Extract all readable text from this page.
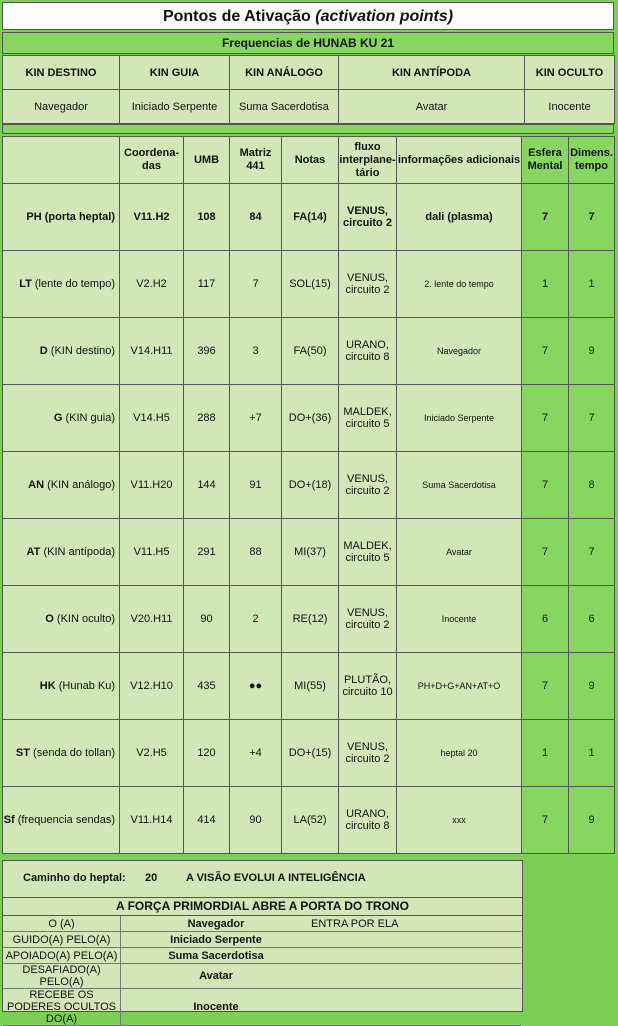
Pontos de Ativação (activation points)
Frequencias de HUNAB KU 21
KIN DESTINO	KIN GUIA	KIN ANÁLOGO	KIN ANTÍPODA	KIN OCULTO
Navegador	Iniciado Serpente	Suma Sacerdotisa	Avatar	Inocente
	Coordena-das	UMB	Matriz 441	Notas	fluxo interplane-tário	informações adicionais	Esfera Mental	Dimens. tempo
PH (porta heptal)	V11.H2	108	84	FA(14)	VENUS, circuito 2	dali (plasma)	7	7
LT (lente do tempo)	V2.H2	117	7	SOL(15)	VENUS, circuito 2	2. lente do tempo	1	1
D (KIN destino)	V14.H11	396	3	FA(50)	URANO, circuito 8	Navegador	7	9
G (KIN guia)	V14.H5	288	+7	DO+(36)	MALDEK, circuito 5	Iniciado Serpente	7	7
AN (KIN análogo)	V11.H20	144	91	DO+(18)	VENUS, circuito 2	Suma Sacerdotisa	7	8
AT (KIN antípoda)	V11.H5	291	88	MI(37)	MALDEK, circuito 5	Avatar	7	7
O (KIN oculto)	V20.H11	90	2	RE(12)	VENUS, circuito 2	Inocente	6	6
HK (Hunab Ku)	V12.H10	435	●●	MI(55)	PLUTÃO, circuito 10	PH+D+G+AN+AT+O	7	9
ST (senda do tollan)	V2.H5	120	+4	DO+(15)	VENUS, circuito 2	heptal 20	1	1
Sf (frequencia sendas)	V11.H14	414	90	LA(52)	URANO, circuito 8	xxx	7	9
Caminho do heptal: 20	A VISÃO EVOLUI A INTELIGÊNCIA
A FORÇA PRIMORDIAL ABRE A PORTA DO TRONO
O (A)	Navegador	ENTRA POR ELA
GUIDO(A) PELO(A)	Iniciado Serpente	
APOIADO(A) PELO(A)	Suma Sacerdotisa	
DESAFIADO(A) PELO(A)	Avatar	
RECEBE OS PODERES OCULTOS DO(A)	Inocente	
